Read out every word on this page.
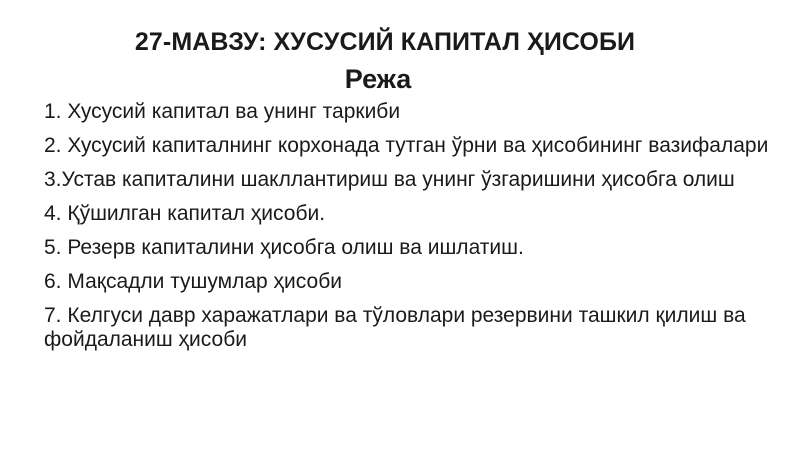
27-МАВЗУ: ХУСУСИЙ КАПИТАЛ ҲИСОБИ
Режа
1. Хусусий капитал ва унинг таркиби
2. Хусусий капиталнинг корхонада тутган ўрни ва ҳисобининг вазифалари
3.Устав капиталини шакллантириш ва унинг ўзгаришини ҳисобга олиш
4. Қўшилган капитал ҳисоби.
5. Резерв капиталини ҳисобга олиш ва ишлатиш.
6. Мақсадли тушумлар ҳисоби
7. Келгуси давр харажатлари ва тўловлари резервини ташкил қилиш ва фойдаланиш ҳисоби
